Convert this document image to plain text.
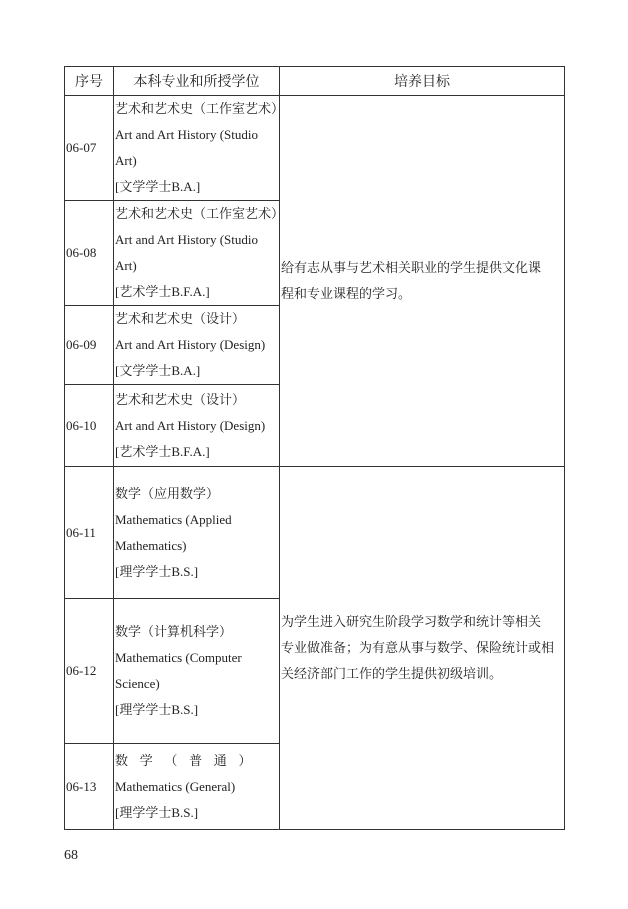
序号	本科专业和所授学位	培养目标
06-07	艺术和艺术史（工作室艺术）
Art and Art History (Studio
Art)
[文学学士B.A.]	给有志从事与艺术相关职业的学生提供文化课
程和专业课程的学习。

06-08	艺术和艺术史（工作室艺术）
Art and Art History (Studio
Art)
[艺术学士B.F.A.]	

06-09	艺术和艺术史（设计）
Art and Art History (Design)
[文学学士B.A.]	

06-10	艺术和艺术史（设计）
Art and Art History (Design)
[艺术学士B.F.A.]	

06-11	数学（应用数学）
Mathematics (Applied
Mathematics)
[理学学士B.S.]	为学生进入研究生阶段学习数学和统计等相关
专业做准备；为有意从事与数学、保险统计或相
关经济部门工作的学生提供初级培训。

06-12	数学（计算机科学）
Mathematics (Computer
Science)
[理学学士B.S.]	

06-13	数学（普通）
Mathematics (General)
[理学学士B.S.]	
68
